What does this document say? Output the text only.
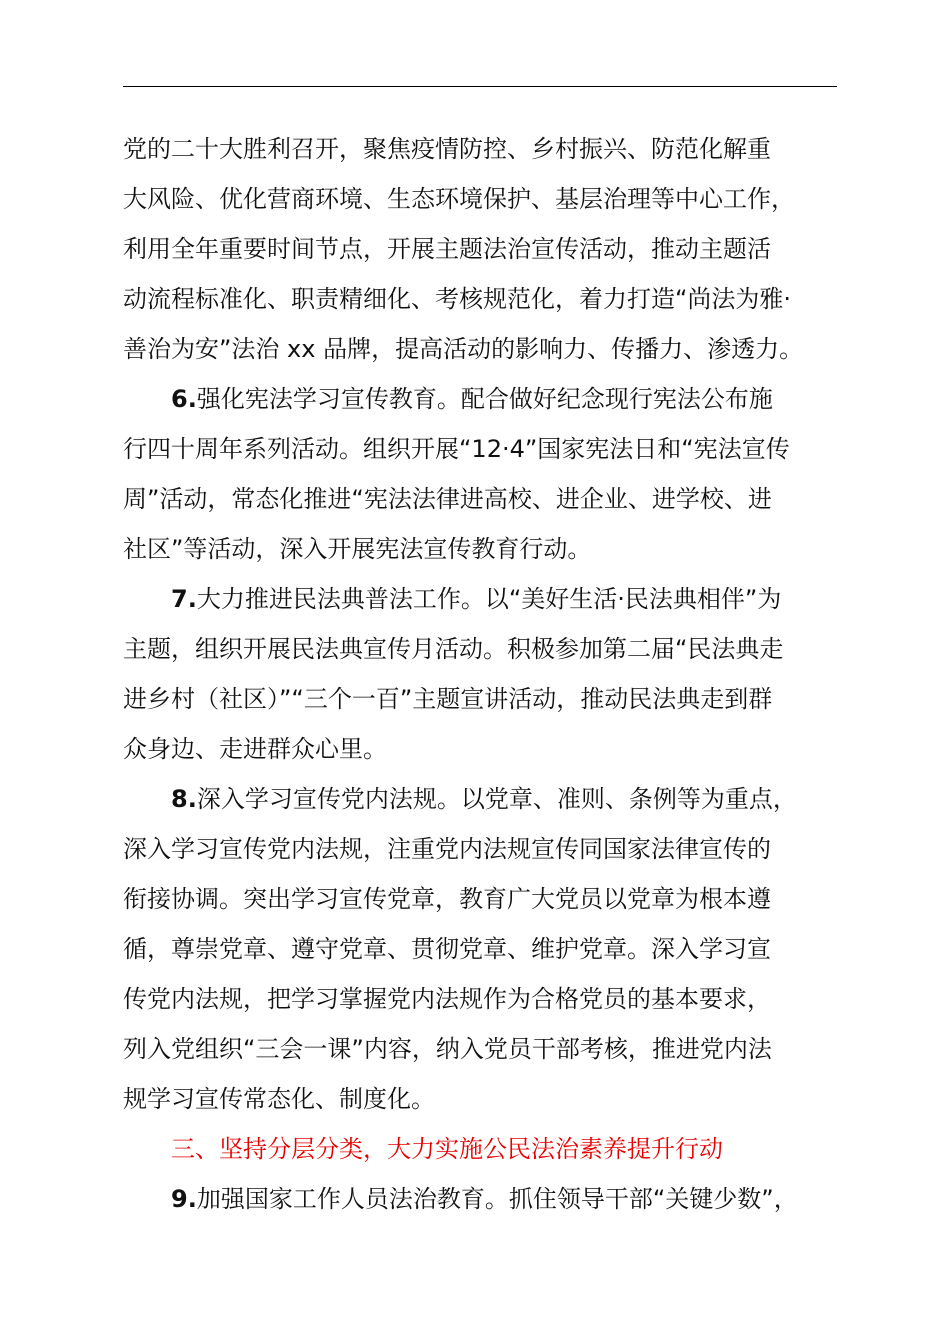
党的二十大胜利召开，聚焦疫情防控、乡村振兴、防范化解重
大风险、优化营商环境、生态环境保护、基层治理等中心工作，
利用全年重要时间节点，开展主题法治宣传活动，推动主题活
动流程标准化、职责精细化、考核规范化，着力打造“尚法为雅·
善治为安”法治 xx 品牌，提高活动的影响力、传播力、渗透力。
6.强化宪法学习宣传教育。配合做好纪念现行宪法公布施
行四十周年系列活动。组织开展“12·4”国家宪法日和“宪法宣传
周”活动，常态化推进“宪法法律进高校、进企业、进学校、进
社区”等活动，深入开展宪法宣传教育行动。
7.大力推进民法典普法工作。以“美好生活·民法典相伴”为
主题，组织开展民法典宣传月活动。积极参加第二届“民法典走
进乡村（社区）”“三个一百”主题宣讲活动，推动民法典走到群
众身边、走进群众心里。
8.深入学习宣传党内法规。以党章、准则、条例等为重点，
深入学习宣传党内法规，注重党内法规宣传同国家法律宣传的
衔接协调。突出学习宣传党章，教育广大党员以党章为根本遵
循，尊崇党章、遵守党章、贯彻党章、维护党章。深入学习宣
传党内法规，把学习掌握党内法规作为合格党员的基本要求，
列入党组织“三会一课”内容，纳入党员干部考核，推进党内法
规学习宣传常态化、制度化。
三、坚持分层分类，大力实施公民法治素养提升行动
9.加强国家工作人员法治教育。抓住领导干部“关键少数”，
